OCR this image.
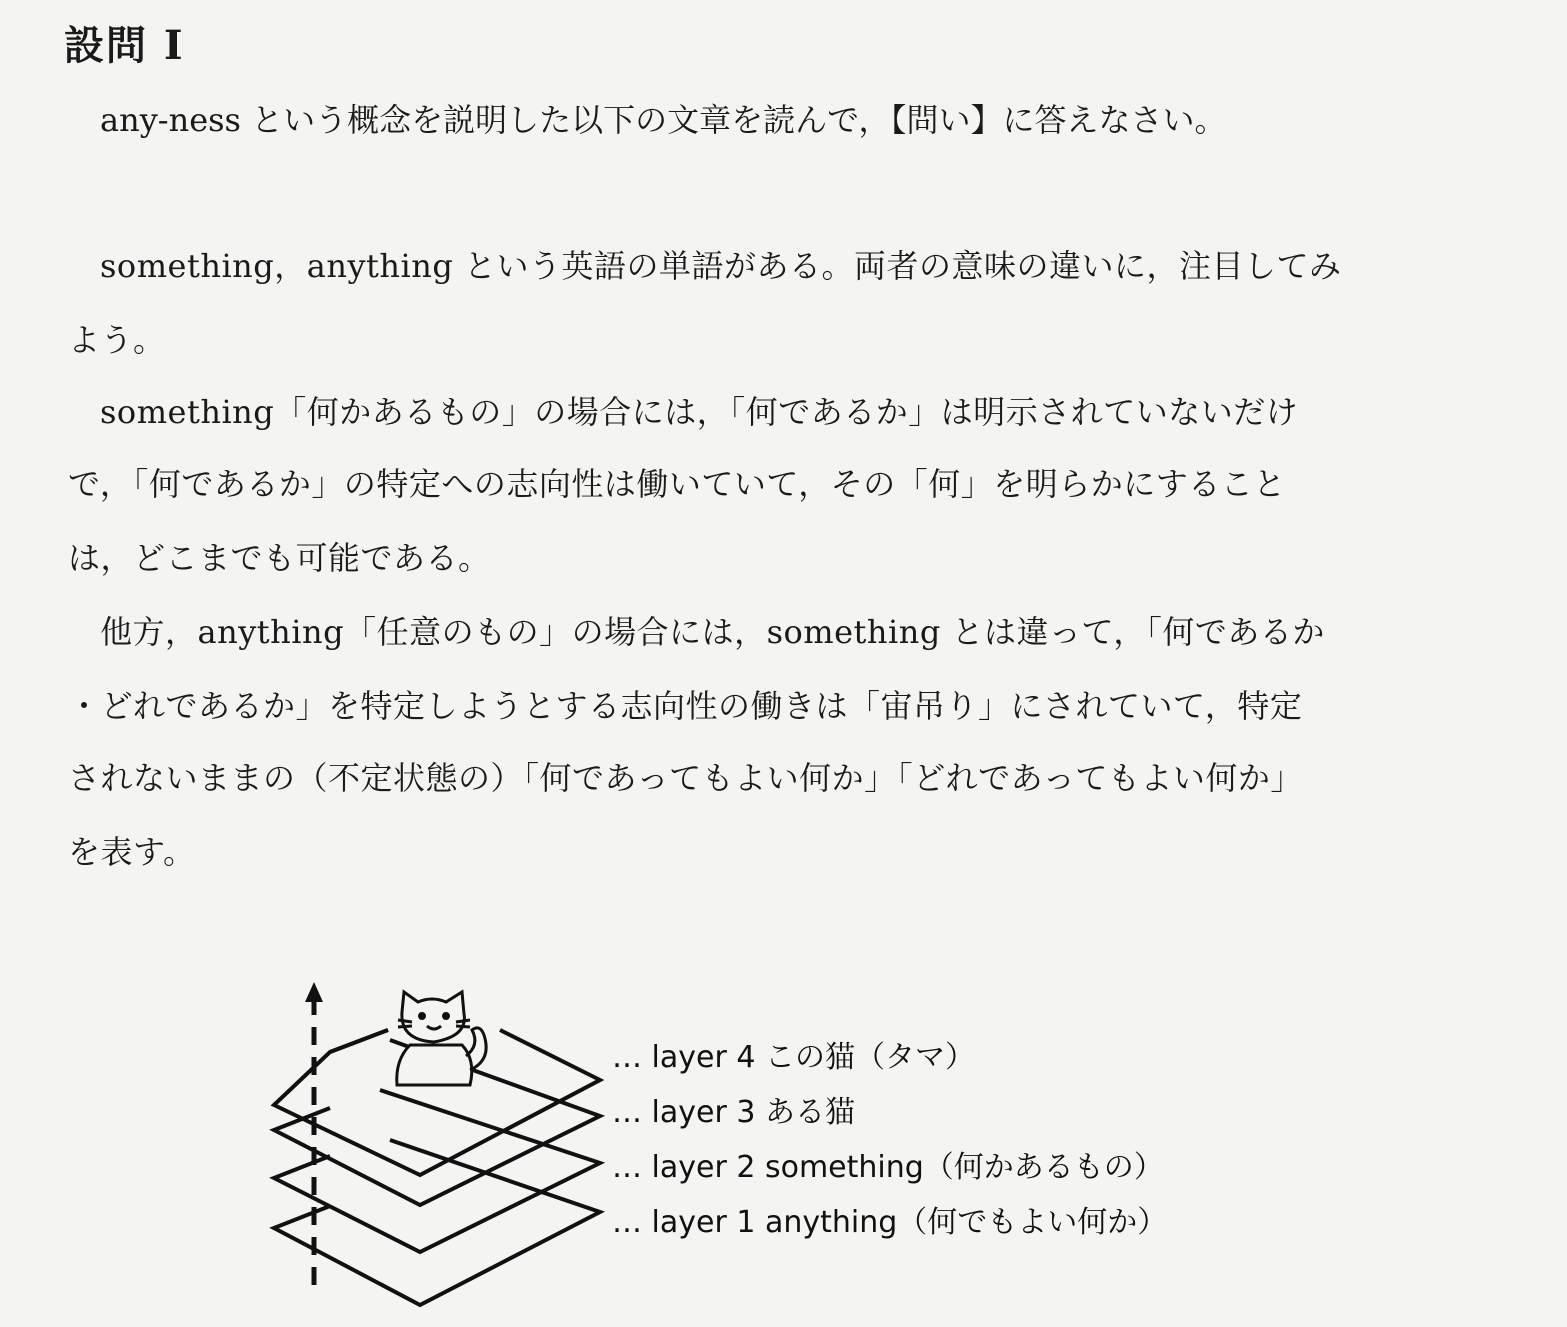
設問 I
any-ness という概念を説明した以下の文章を読んで，【問い】に答えなさい。
something，anything という英語の単語がある。両者の意味の違いに，注目してみ
よう。
something「何かあるもの」の場合には，「何であるか」は明示されていないだけ
で，「何であるか」の特定への志向性は働いていて，その「何」を明らかにすること
は，どこまでも可能である。
他方，anything「任意のもの」の場合には，something とは違って，「何であるか
・どれであるか」を特定しようとする志向性の働きは「宙吊り」にされていて，特定
されないままの（不定状態の）「何であってもよい何か」「どれであってもよい何か」
を表す。
… layer 4 この猫（タマ）
… layer 3 ある猫
… layer 2 something（何かあるもの）
… layer 1 anything（何でもよい何か）
